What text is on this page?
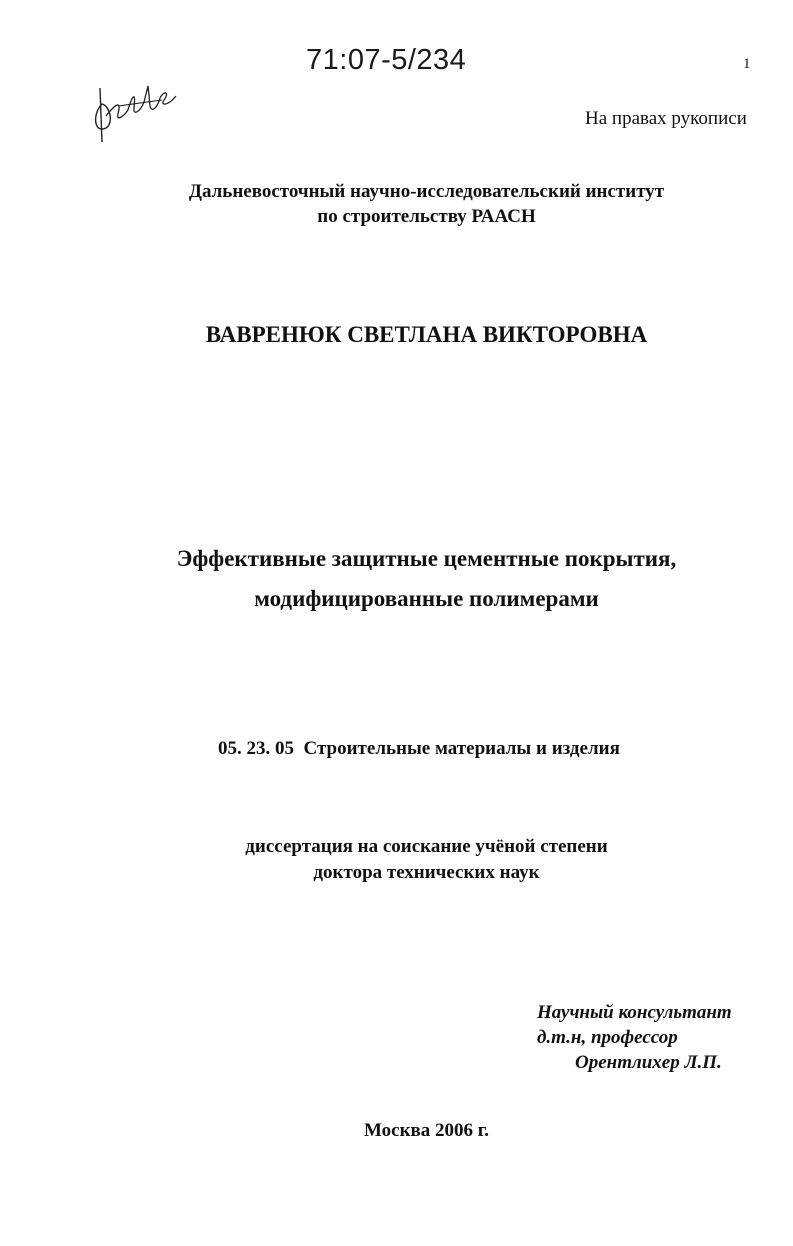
71:07-5/234	1
На правах рукописи
Дальневосточный научно-исследовательский институт
по строительству РААСН
ВАВРЕНЮК СВЕТЛАНА ВИКТОРОВНА
Эффективные защитные цементные покрытия,
модифицированные полимерами
05. 23. 05 Строительные материалы и изделия
диссертация на соискание учёной степени
доктора технических наук
Научный консультант
д.т.н, профессор
Орентлихер Л.П.
Москва 2006 г.
